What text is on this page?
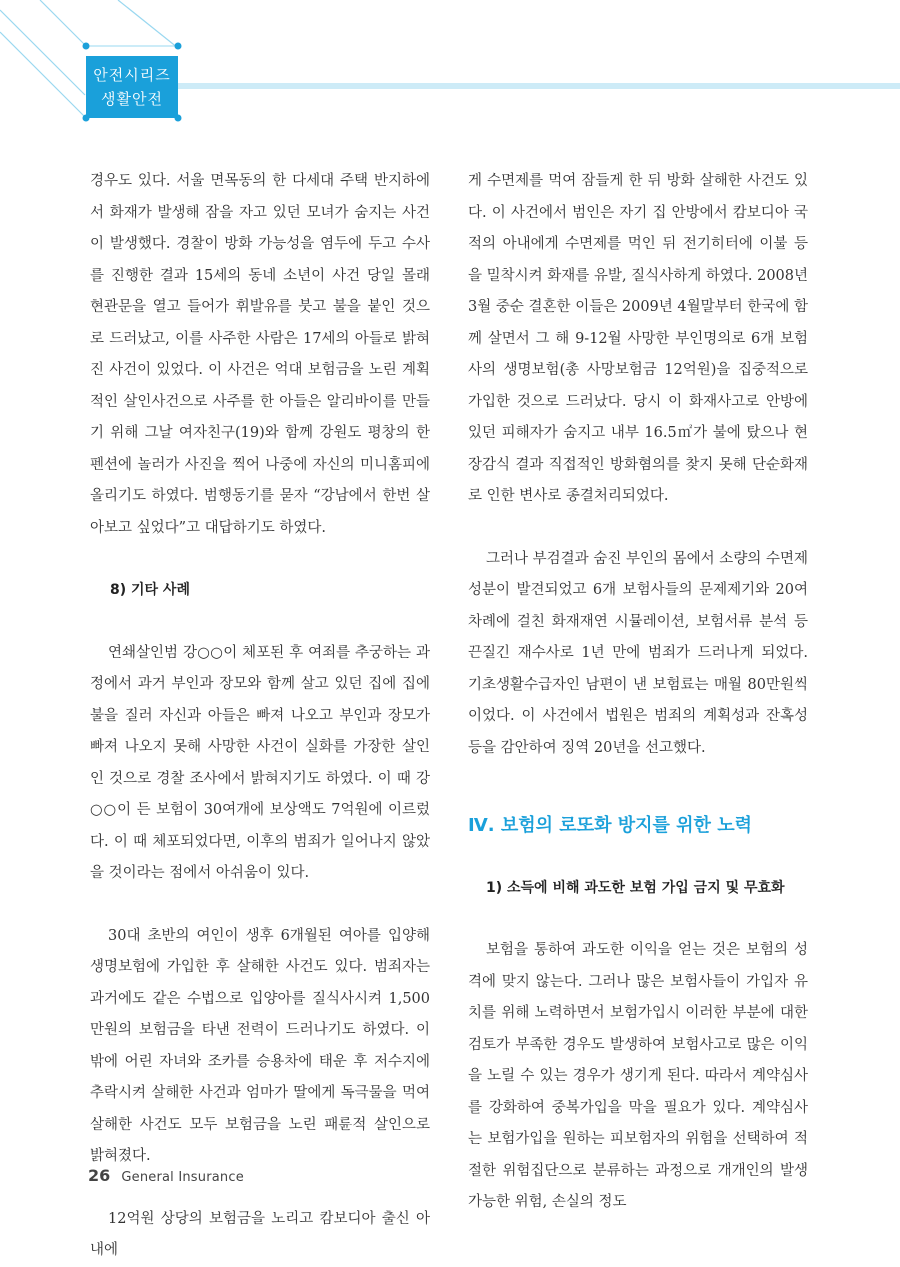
안전시리즈
생활안전

경우도 있다. 서울 면목동의 한 다세대 주택 반지하에서 화재가 발생해 잠을 자고 있던 모녀가 숨지는 사건이 발생했다. 경찰이 방화 가능성을 염두에 두고 수사를 진행한 결과 15세의 동네 소년이 사건 당일 몰래 현관문을 열고 들어가 휘발유를 붓고 불을 붙인 것으로 드러났고, 이를 사주한 사람은 17세의 아들로 밝혀진 사건이 있었다. 이 사건은 억대 보험금을 노린 계획적인 살인사건으로 사주를 한 아들은 알리바이를 만들기 위해 그날 여자친구(19)와 함께 강원도 평창의 한 펜션에 놀러가 사진을 찍어 나중에 자신의 미니홈피에 올리기도 하였다. 범행동기를 묻자 “강남에서 한번 살아보고 싶었다”고 대답하기도 하였다.

8) 기타 사례

연쇄살인범 강○○이 체포된 후 여죄를 추궁하는 과정에서 과거 부인과 장모와 함께 살고 있던 집에 집에 불을 질러 자신과 아들은 빠져 나오고 부인과 장모가 빠져 나오지 못해 사망한 사건이 실화를 가장한 살인인 것으로 경찰 조사에서 밝혀지기도 하였다. 이 때 강○○이 든 보험이 30여개에 보상액도 7억원에 이르렀다. 이 때 체포되었다면, 이후의 범죄가 일어나지 않았을 것이라는 점에서 아쉬움이 있다.

30대 초반의 여인이 생후 6개월된 여아를 입양해 생명보험에 가입한 후 살해한 사건도 있다. 범죄자는 과거에도 같은 수법으로 입양아를 질식사시켜 1,500만원의 보험금을 타낸 전력이 드러나기도 하였다. 이 밖에 어린 자녀와 조카를 승용차에 태운 후 저수지에 추락시켜 살해한 사건과 엄마가 딸에게 독극물을 먹여 살해한 사건도 모두 보험금을 노린 패륜적 살인으로 밝혀졌다.

12억원 상당의 보험금을 노리고 캄보디아 출신 아내에

게 수면제를 먹여 잠들게 한 뒤 방화 살해한 사건도 있다. 이 사건에서 범인은 자기 집 안방에서 캄보디아 국적의 아내에게 수면제를 먹인 뒤 전기히터에 이불 등을 밀착시켜 화재를 유발, 질식사하게 하였다. 2008년 3월 중순 결혼한 이들은 2009년 4월말부터 한국에 함께 살면서 그 해 9-12월 사망한 부인명의로 6개 보험사의 생명보험(총 사망보험금 12억원)을 집중적으로 가입한 것으로 드러났다. 당시 이 화재사고로 안방에 있던 피해자가 숨지고 내부 16.5㎡가 불에 탔으나 현장감식 결과 직접적인 방화혐의를 찾지 못해 단순화재로 인한 변사로 종결처리되었다.

그러나 부검결과 숨진 부인의 몸에서 소량의 수면제 성분이 발견되었고 6개 보험사들의 문제제기와 20여 차례에 걸친 화재재연 시뮬레이션, 보험서류 분석 등 끈질긴 재수사로 1년 만에 범죄가 드러나게 되었다. 기초생활수급자인 남편이 낸 보험료는 매월 80만원씩이었다. 이 사건에서 법원은 범죄의 계획성과 잔혹성 등을 감안하여 징역 20년을 선고했다.

Ⅳ. 보험의 로또화 방지를 위한 노력

1) 소득에 비해 과도한 보험 가입 금지 및 무효화

보험을 통하여 과도한 이익을 얻는 것은 보험의 성격에 맞지 않는다. 그러나 많은 보험사들이 가입자 유치를 위해 노력하면서 보험가입시 이러한 부분에 대한 검토가 부족한 경우도 발생하여 보험사고로 많은 이익을 노릴 수 있는 경우가 생기게 된다. 따라서 계약심사를 강화하여 중복가입을 막을 필요가 있다. 계약심사는 보험가입을 원하는 피보험자의 위험을 선택하여 적절한 위험집단으로 분류하는 과정으로 개개인의 발생 가능한 위험, 손실의 정도

26 General Insurance
